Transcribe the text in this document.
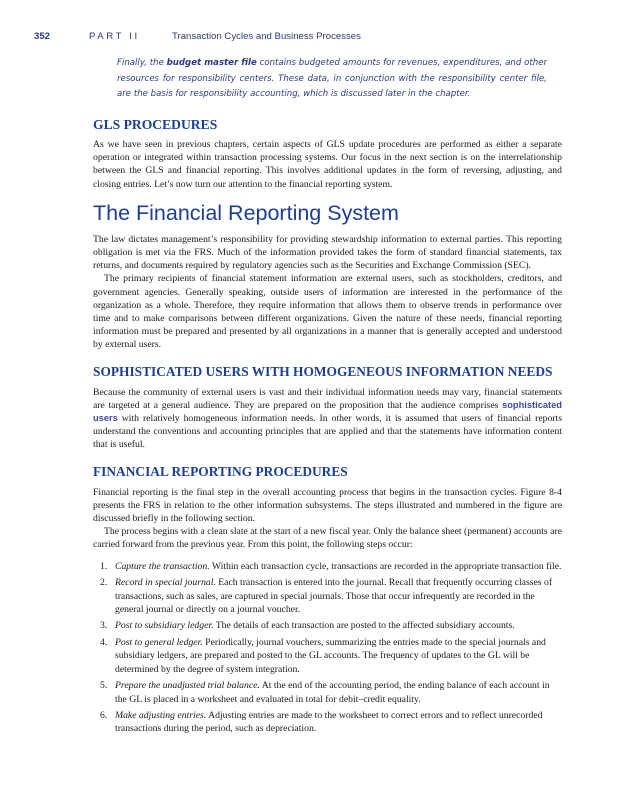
352	PART II	Transaction Cycles and Business Processes
Finally, the budget master file contains budgeted amounts for revenues, expenditures, and other resources for responsibility centers. These data, in conjunction with the responsibility center file, are the basis for responsibility accounting, which is discussed later in the chapter.
GLS PROCEDURES

As we have seen in previous chapters, certain aspects of GLS update procedures are performed as either a separate operation or integrated within transaction processing systems. Our focus in the next section is on the interrelationship between the GLS and financial reporting. This involves additional updates in the form of reversing, adjusting, and closing entries. Let’s now turn our attention to the financial reporting system.

The Financial Reporting System

The law dictates management’s responsibility for providing stewardship information to external parties. This reporting obligation is met via the FRS. Much of the information provided takes the form of standard financial statements, tax returns, and documents required by regulatory agencies such as the Securities and Exchange Commission (SEC).

The primary recipients of financial statement information are external users, such as stockholders, creditors, and government agencies. Generally speaking, outside users of information are interested in the performance of the organization as a whole. Therefore, they require information that allows them to observe trends in performance over time and to make comparisons between different organizations. Given the nature of these needs, financial reporting information must be prepared and presented by all organizations in a manner that is generally accepted and understood by external users.

SOPHISTICATED USERS WITH HOMOGENEOUS INFORMATION NEEDS

Because the community of external users is vast and their individual information needs may vary, financial statements are targeted at a general audience. They are prepared on the proposition that the audience comprises sophisticated users with relatively homogeneous information needs. In other words, it is assumed that users of financial reports understand the conventions and accounting principles that are applied and that the statements have information content that is useful.

FINANCIAL REPORTING PROCEDURES

Financial reporting is the final step in the overall accounting process that begins in the transaction cycles. Figure 8-4 presents the FRS in relation to the other information subsystems. The steps illustrated and numbered in the figure are discussed briefly in the following section.

The process begins with a clean slate at the start of a new fiscal year. Only the balance sheet (permanent) accounts are carried forward from the previous year. From this point, the following steps occur:

1. Capture the transaction. Within each transaction cycle, transactions are recorded in the appropriate transaction file.
2. Record in special journal. Each transaction is entered into the journal. Recall that frequently occurring classes of transactions, such as sales, are captured in special journals. Those that occur infrequently are recorded in the general journal or directly on a journal voucher.
3. Post to subsidiary ledger. The details of each transaction are posted to the affected subsidiary accounts.
4. Post to general ledger. Periodically, journal vouchers, summarizing the entries made to the special journals and subsidiary ledgers, are prepared and posted to the GL accounts. The frequency of updates to the GL will be determined by the degree of system integration.
5. Prepare the unadjusted trial balance. At the end of the accounting period, the ending balance of each account in the GL is placed in a worksheet and evaluated in total for debit–credit equality.
6. Make adjusting entries. Adjusting entries are made to the worksheet to correct errors and to reflect unrecorded transactions during the period, such as depreciation.
